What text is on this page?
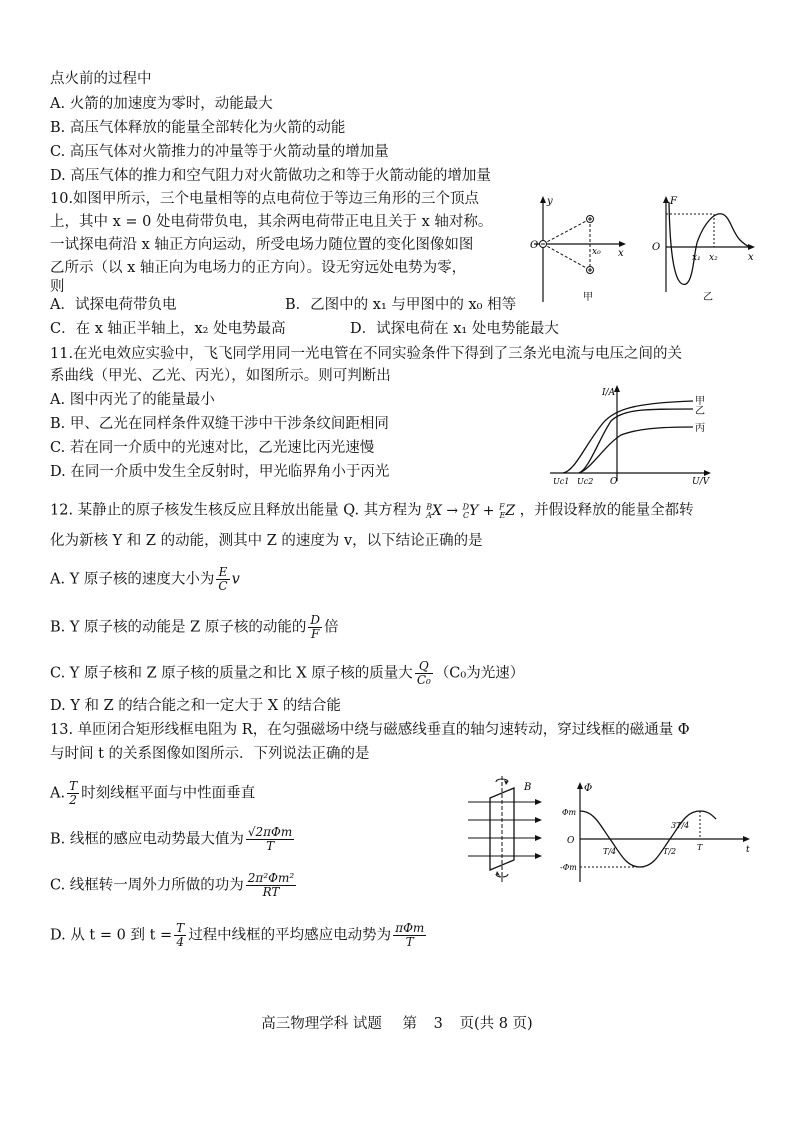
点火前的过程中
A. 火箭的加速度为零时，动能最大
B. 高压气体释放的能量全部转化为火箭的动能
C. 高压气体对火箭推力的冲量等于火箭动量的增加量
D. 高压气体的推力和空气阻力对火箭做功之和等于火箭动能的增加量
10.如图甲所示，三个电量相等的点电荷位于等边三角形的三个顶点
上，其中 x = 0 处电荷带负电，其余两电荷带正电且关于 x 轴对称。
一试探电荷沿 x 轴正方向运动，所受电场力随位置的变化图像如图
乙所示（以 x 轴正向为电场力的正方向）。设无穷远处电势为零，
则
A．试探电荷带负电	B．乙图中的 x₁ 与甲图中的 x₀ 相等
C．在 x 轴正半轴上，x₂ 处电势最高	D．试探电荷在 x₁ 处电势能最大
y
O
x₀ x
甲
F
O
x₁ x₂	x
乙
11.在光电效应实验中，飞飞同学用同一光电管在不同实验条件下得到了三条光电流与电压之间的关
系曲线（甲光、乙光、丙光），如图所示。则可判断出
A. 图中丙光了的能量最小
B. 甲、乙光在同样条件双缝干涉中干涉条纹间距相同
C. 若在同一介质中的光速对比，乙光速比丙光速慢
D. 在同一介质中发生全反射时，甲光临界角小于丙光
I/A
甲
乙
丙
Uc1 Uc2 O	U/V
12. 某静止的原子核发生核反应且释放出能量 Q. 其方程为 $^B_A$X → $^D_C$Y + $^F_E$Z ，并假设释放的能量全都转
化为新核 Y 和 Z 的动能，测其中 Z 的速度为 v，以下结论正确的是
A. Y 原子核的速度大小为 $\frac{E}{C}$ v
B. Y 原子核的动能是 Z 原子核的动能的 $\frac{D}{F}$ 倍
C. Y 原子核和 Z 原子核的质量之和比 X 原子核的质量大 $\frac{Q}{\text{C₀}} (C_0$为光速）
D. Y 和 Z 的结合能之和一定大于 X 的结合能
13. 单匝闭合矩形线框电阻为 R，在匀强磁场中绕与磁感线垂直的轴匀速转动，穿过线框的磁通量 Φ
与时间 t 的关系图像如图所示．下列说法正确的是
A. $\frac{T}{2}$ 时刻线框平面与中性面垂直
B. 线框的感应电动势最大值为 $\frac{\text{√2πΦm}}{T}$
C. 线框转一周外力所做的功为 $\frac{\text{2π²Φm²}}{RT}$
D. 从 t = 0 到 $t = \frac{T}{4}$ 过程中线框的平均感应电动势为 $\frac{\text{πΦm}}{T}$
B	Φ
Φm
O
-Φm
T/4	T/2
3T/4
T	t
高三物理学科 试题 第 3 页(共 8 页)
